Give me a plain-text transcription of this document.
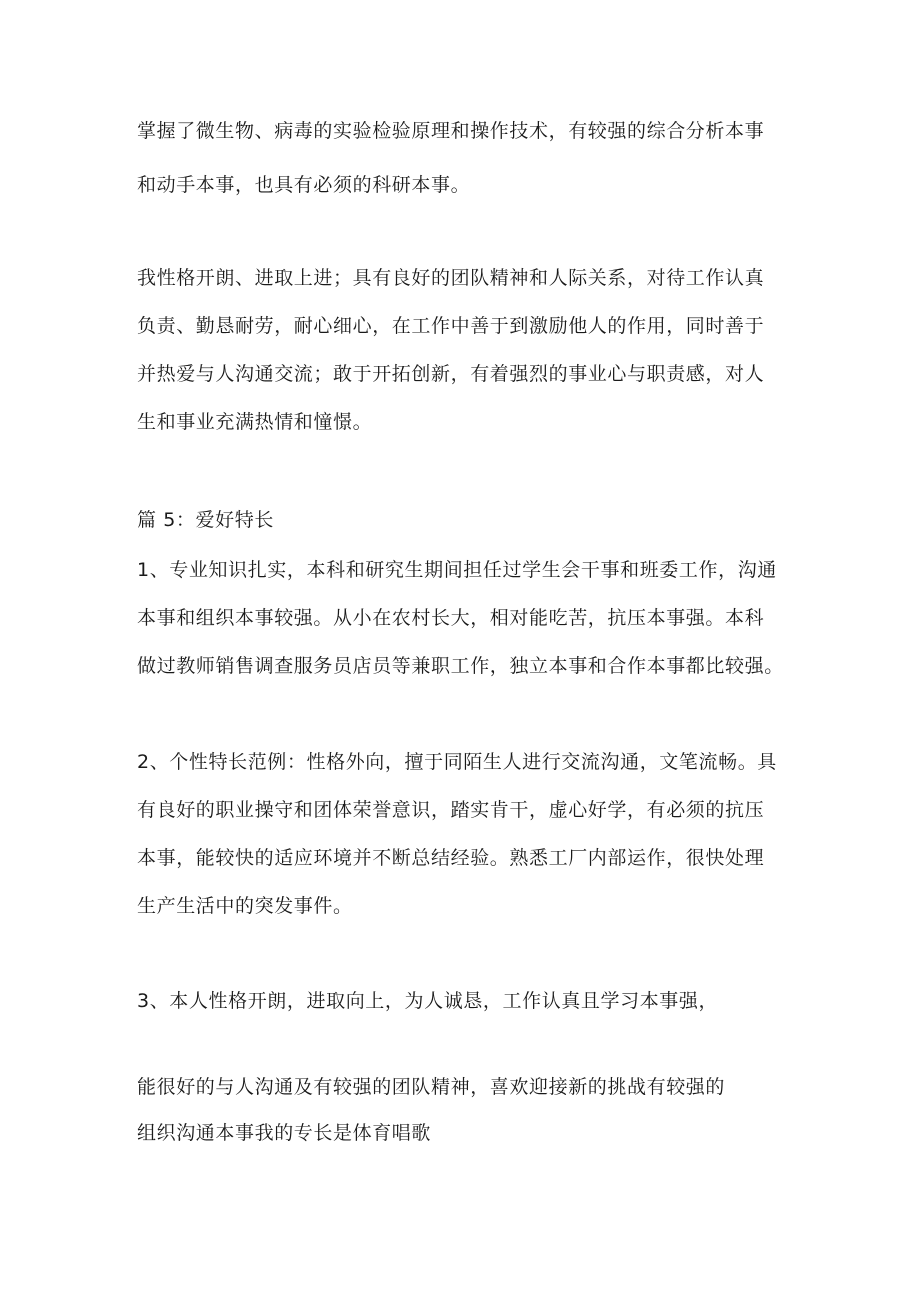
掌握了微生物、病毒的实验检验原理和操作技术，有较强的综合分析本事
和动手本事，也具有必须的科研本事。
我性格开朗、进取上进；具有良好的团队精神和人际关系，对待工作认真
负责、勤恳耐劳，耐心细心，在工作中善于到激励他人的作用，同时善于
并热爱与人沟通交流；敢于开拓创新，有着强烈的事业心与职责感，对人
生和事业充满热情和憧憬。
篇 5：爱好特长
1、专业知识扎实，本科和研究生期间担任过学生会干事和班委工作，沟通
本事和组织本事较强。从小在农村长大，相对能吃苦，抗压本事强。本科
做过教师销售调查服务员店员等兼职工作，独立本事和合作本事都比较强。
2、个性特长范例：性格外向，擅于同陌生人进行交流沟通，文笔流畅。具
有良好的职业操守和团体荣誉意识，踏实肯干，虚心好学，有必须的抗压
本事，能较快的适应环境并不断总结经验。熟悉工厂内部运作，很快处理
生产生活中的突发事件。
3、本人性格开朗，进取向上，为人诚恳，工作认真且学习本事强，
能很好的与人沟通及有较强的团队精神，喜欢迎接新的挑战有较强的
组织沟通本事我的专长是体育唱歌
